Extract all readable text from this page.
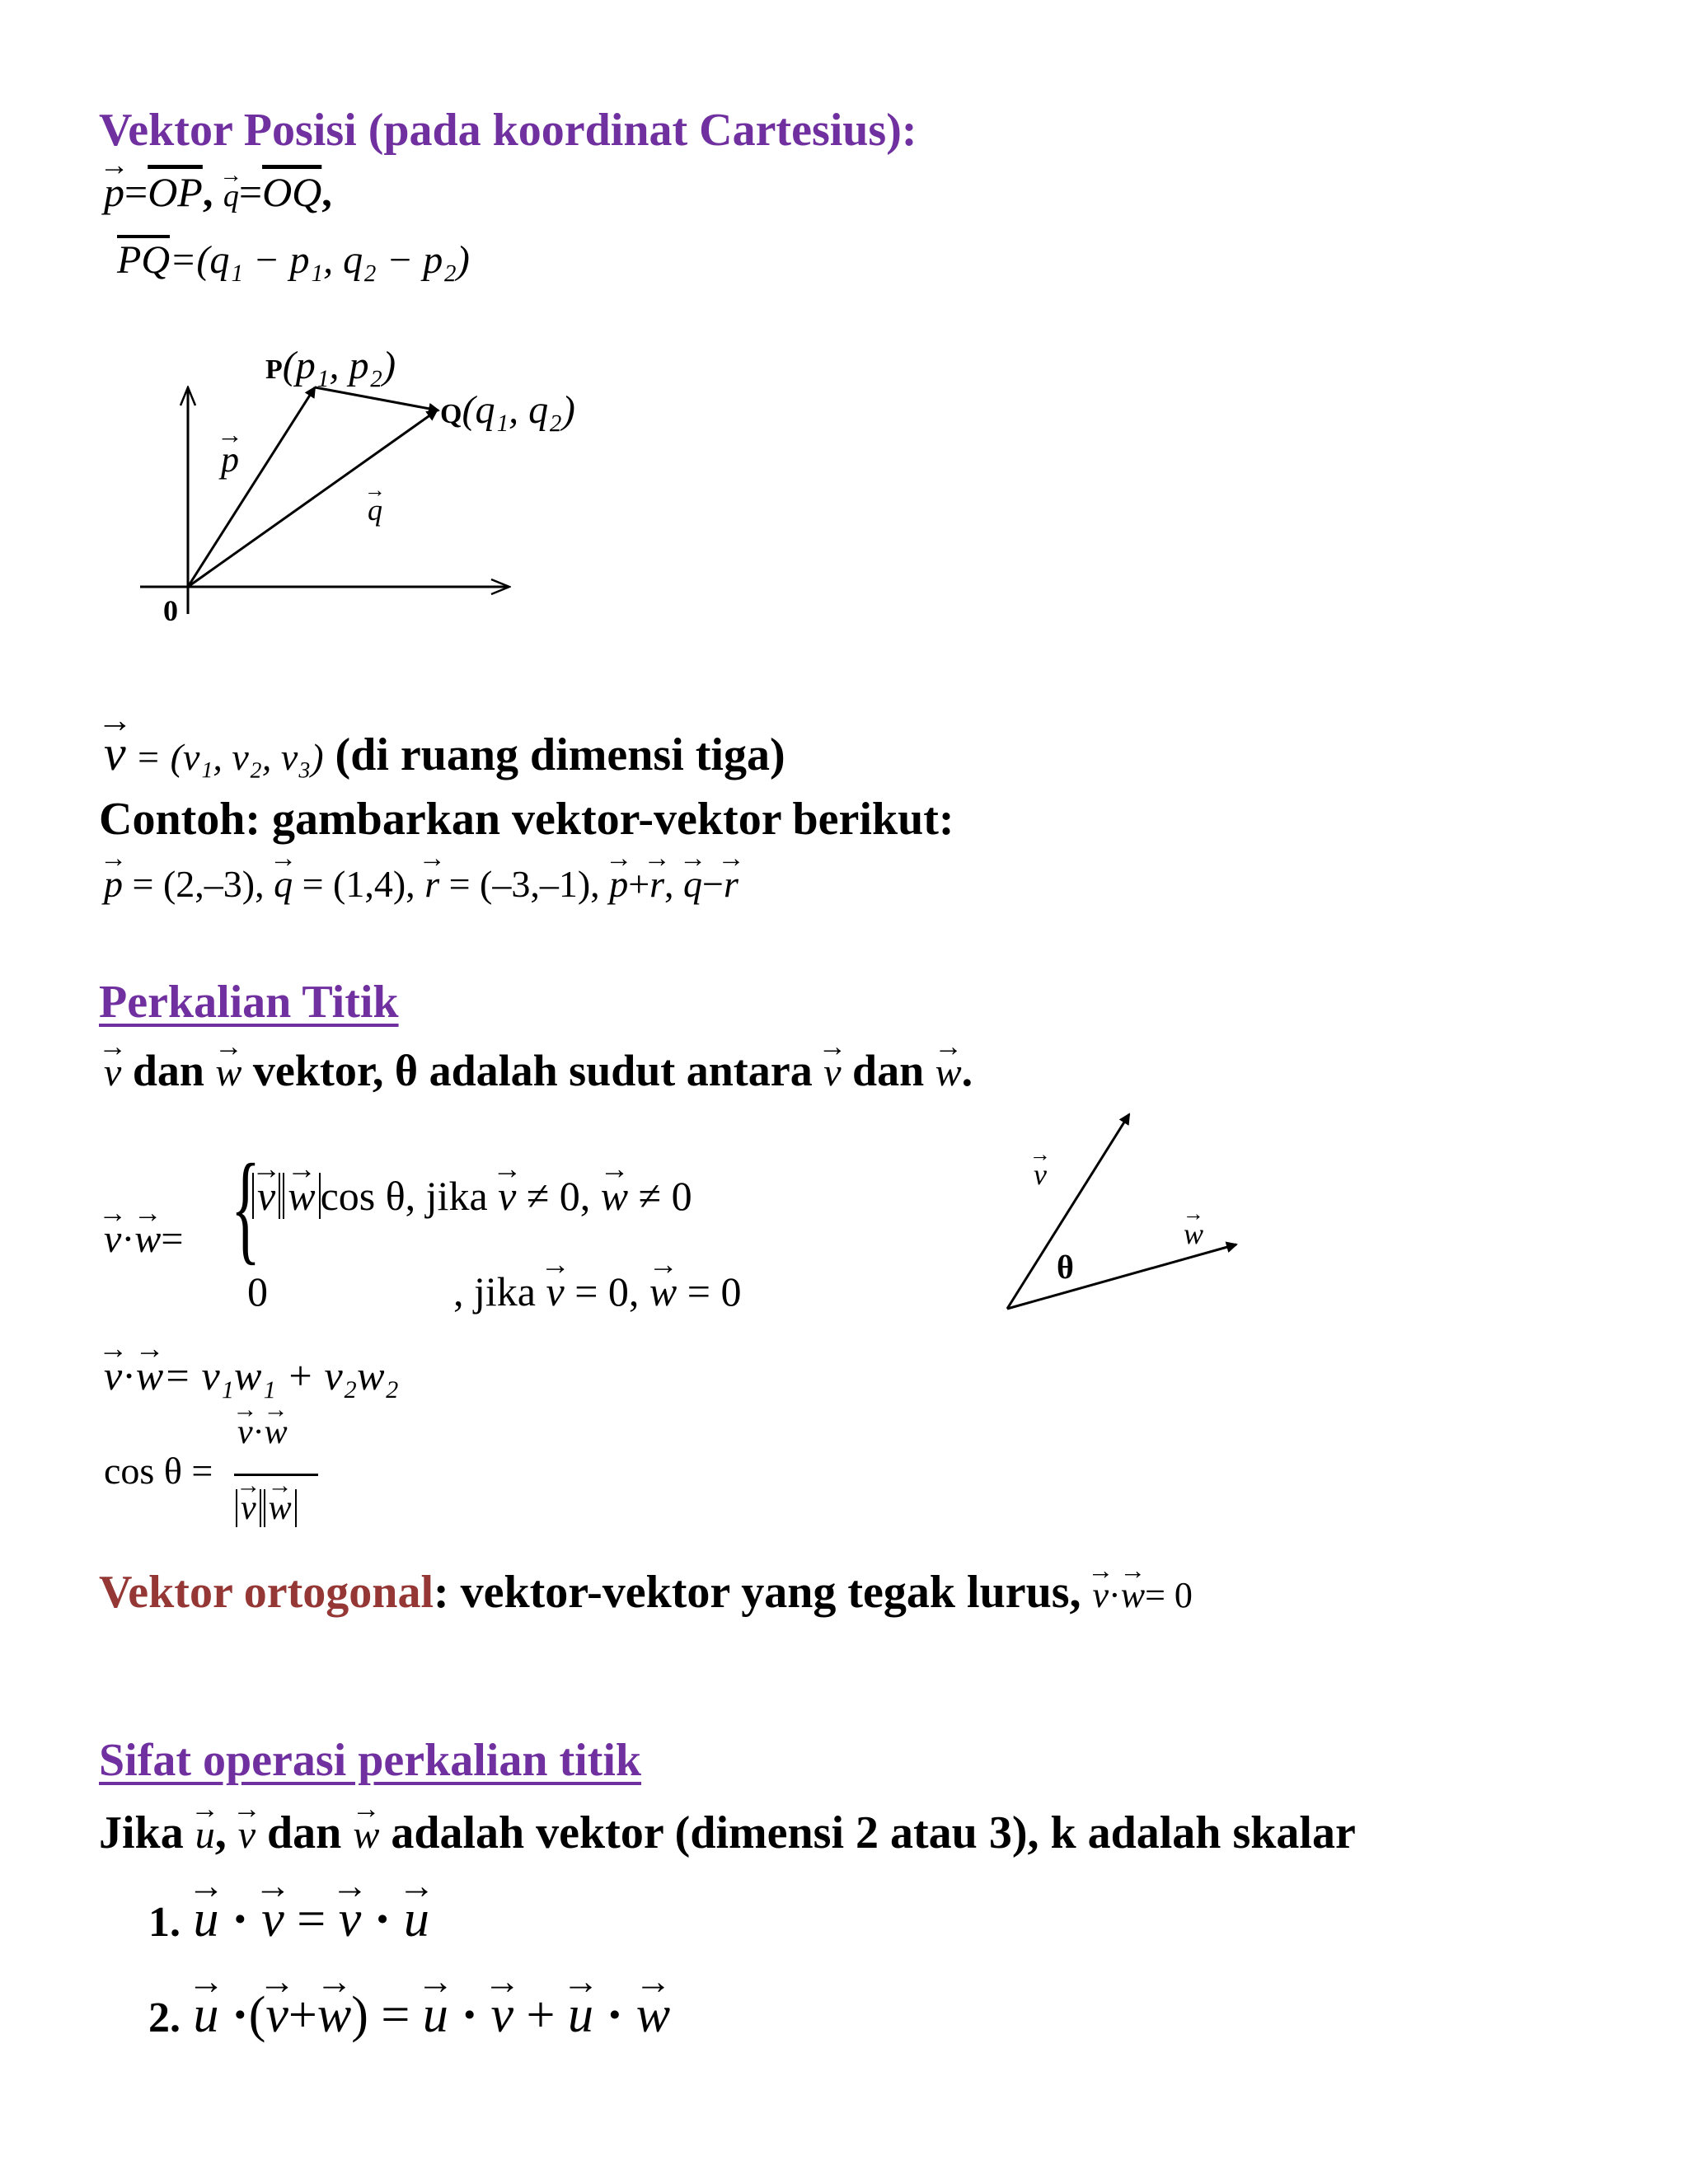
Vektor Posisi (pada koordinat Cartesius):
→ $p=\overline{OP}$, → $q=\overline{OQ}$,
$\overline{PQ}=(q_1 - p_1$, q₂ − p₂)
0
P(p₁, p₂)
Q(q₁, q₂)
→ p
→ q
→ v = (v₁, v₂, v₃) (di ruang dimensi tiga)
Contoh: gambarkan vektor-vektor berikut:
→ p = (2,–3), → q = (1,4), → r = (–3,–1), → p+→ r, → q−→ r
Perkalian Titik
→ v dan → w vektor, θ adalah sudut antara → v dan → w.
→ v·→ w= {
→ v → w cos θ, jika → v ≠ 0, → w ≠ 0
0	, jika → v = 0, → w = 0
→ v
→ w
θ
→ v·→ w= v₁w₁ + v₂w₂
cos θ =
→ v·→ w
→ v → w
Vektor ortogonal: vektor-vektor yang tegak lurus, → v·→ w= 0
Sifat operasi perkalian titik
Jika → u, → v dan → w adalah vektor (dimensi 2 atau 3), k adalah skalar
1. → u · → v = → v · → u
2. → u ·(→ v+→ w) = → u · → v + → u · → w
